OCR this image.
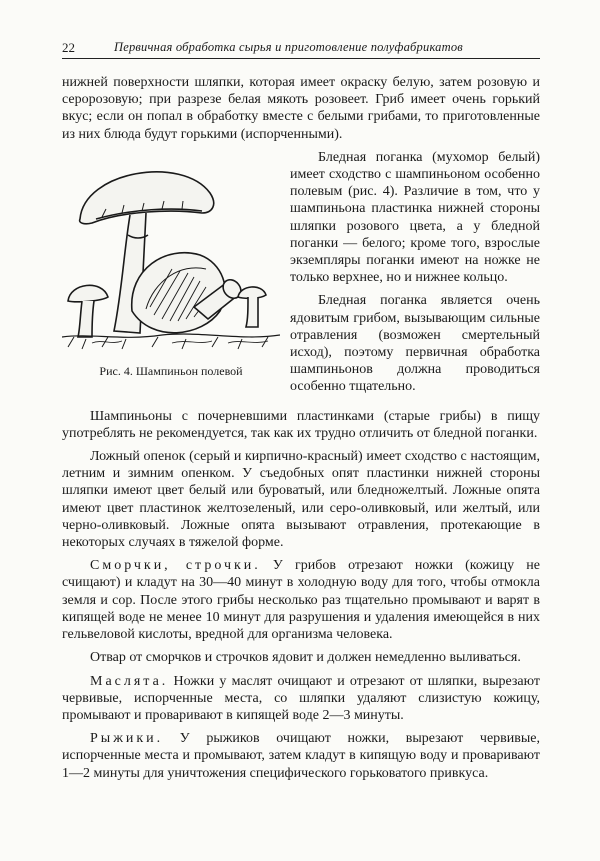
22	Первичная обработка сырья и приготовление полуфабрикатов

нижней поверхности шляпки, которая имеет окраску белую, затем розовую и серорозовую; при разрезе белая мякоть розовеет. Гриб имеет очень горький вкус; если он попал в обработку вместе с белыми грибами, то приготовленные из них блюда будут горькими (испорченными).

Рис. 4. Шампиньон полевой

Бледная поганка (мухомор белый) имеет сходство с шампиньоном особенно полевым (рис. 4). Различие в том, что у шампиньона пластинка нижней стороны шляпки розового цвета, а у бледной поганки — белого; кроме того, взрослые экземпляры поганки имеют на ножке не только верхнее, но и нижнее кольцо.

Бледная поганка является очень ядовитым грибом, вызывающим сильные отравления (возможен смертельный исход), поэтому первичная обработка шампиньонов должна проводиться особенно тщательно.

Шампиньоны с почерневшими пластинками (старые грибы) в пищу употреблять не рекомендуется, так как их трудно отличить от бледной поганки.

Ложный опенок (серый и кирпично-красный) имеет сходство с настоящим, летним и зимним опенком. У съедобных опят пластинки нижней стороны шляпки имеют цвет белый или буроватый, или бледножелтый. Ложные опята имеют цвет пластинок желтозеленый, или серо-оливковый, или желтый, или черно-оливковый. Ложные опята вызывают отравления, протекающие в некоторых случаях в тяжелой форме.

Сморчки, строчки. У грибов отрезают ножки (кожицу не счищают) и кладут на 30—40 минут в холодную воду для того, чтобы отмокла земля и сор. После этого грибы несколько раз тщательно промывают и варят в кипящей воде не менее 10 минут для разрушения и удаления имеющейся в них гельвеловой кислоты, вредной для организма человека.

Отвар от сморчков и строчков ядовит и должен немедленно выливаться.

Маслята. Ножки у маслят очищают и отрезают от шляпки, вырезают червивые, испорченные места, со шляпки удаляют слизистую кожицу, промывают и проваривают в кипящей воде 2—3 минуты.

Рыжики. У рыжиков очищают ножки, вырезают червивые, испорченные места и промывают, затем кладут в кипящую воду и проваривают 1—2 минуты для уничтожения специфического горьковатого привкуса.
